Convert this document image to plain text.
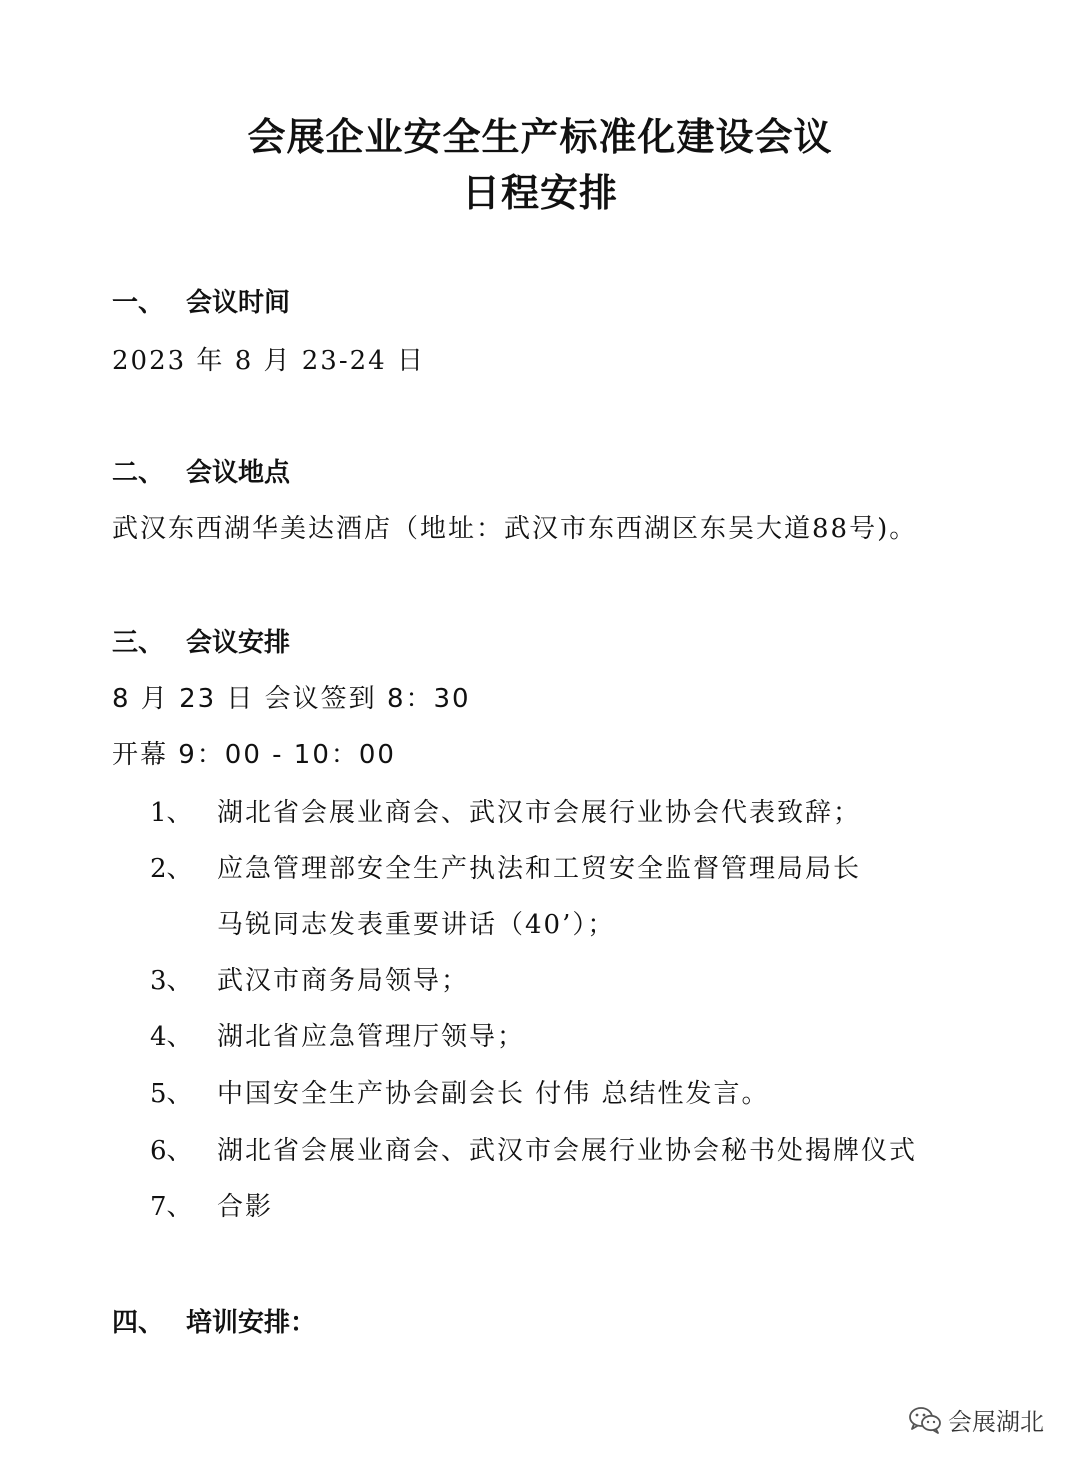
会展企业安全生产标准化建设会议
日程安排
一、 会议时间
2023 年 8 月 23-24 日
二、 会议地点
武汉东西湖华美达酒店（地址：武汉市东西湖区东吴大道88号)。
三、 会议安排
8 月 23 日 会议签到 8：30
开幕 9：00 - 10：00
1、 湖北省会展业商会、武汉市会展行业协会代表致辞；
2、 应急管理部安全生产执法和工贸安全监督管理局局长
马锐同志发表重要讲话（40’）；
3、 武汉市商务局领导；
4、 湖北省应急管理厅领导；
5、 中国安全生产协会副会长 付伟 总结性发言。
6、 湖北省会展业商会、武汉市会展行业协会秘书处揭牌仪式
7、 合影
四、 培训安排：
会展湖北
